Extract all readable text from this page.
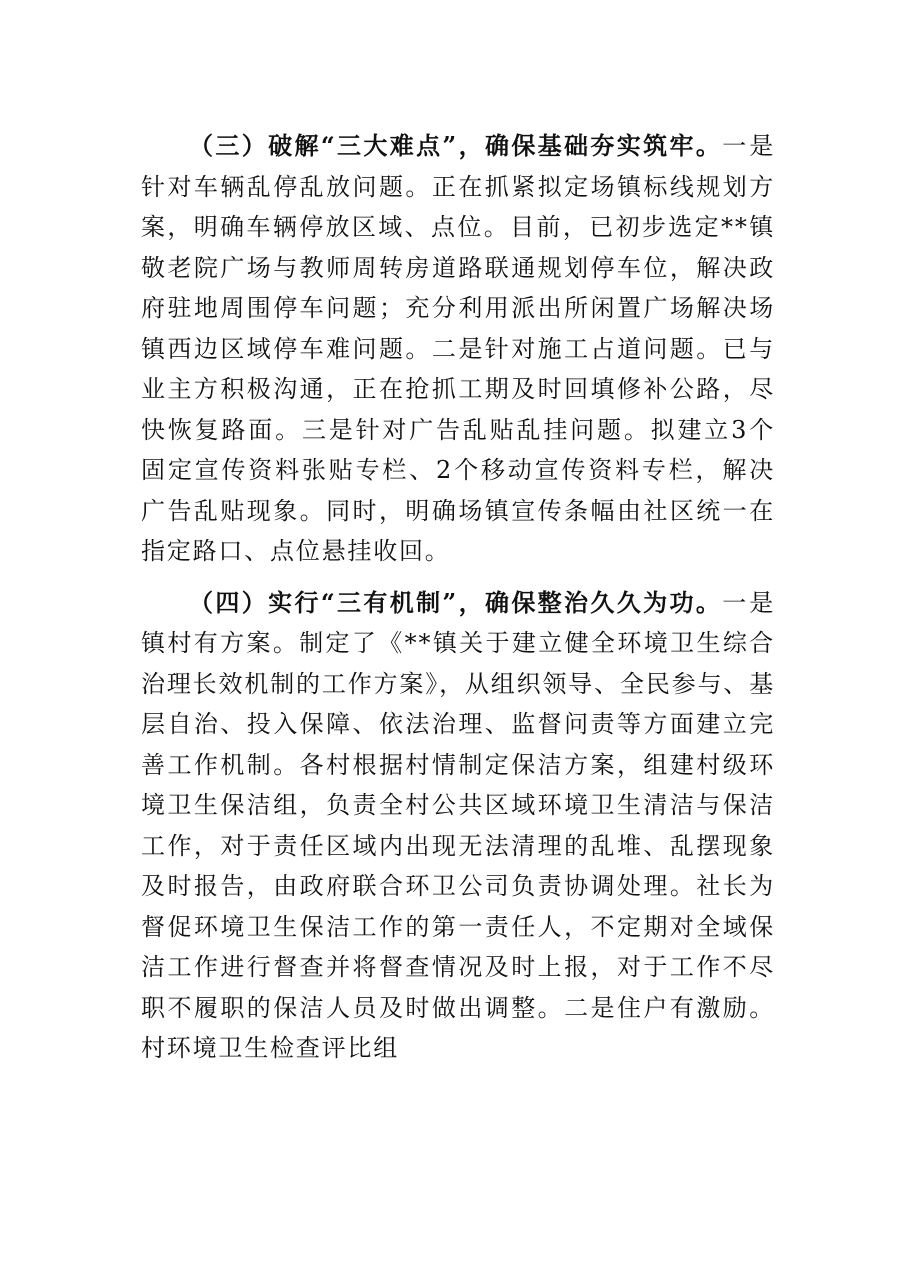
（三）破解“三大难点”，确保基础夯实筑牢。一是针对车辆乱停乱放问题。正在抓紧拟定场镇标线规划方案，明确车辆停放区域、点位。目前，已初步选定**镇敬老院广场与教师周转房道路联通规划停车位，解决政府驻地周围停车问题；充分利用派出所闲置广场解决场镇西边区域停车难问题。二是针对施工占道问题。已与业主方积极沟通，正在抢抓工期及时回填修补公路，尽快恢复路面。三是针对广告乱贴乱挂问题。拟建立3个固定宣传资料张贴专栏、2个移动宣传资料专栏，解决广告乱贴现象。同时，明确场镇宣传条幅由社区统一在指定路口、点位悬挂收回。

（四）实行“三有机制”，确保整治久久为功。一是镇村有方案。制定了《**镇关于建立健全环境卫生综合治理长效机制的工作方案》，从组织领导、全民参与、基层自治、投入保障、依法治理、监督问责等方面建立完善工作机制。各村根据村情制定保洁方案，组建村级环境卫生保洁组，负责全村公共区域环境卫生清洁与保洁工作，对于责任区域内出现无法清理的乱堆、乱摆现象及时报告，由政府联合环卫公司负责协调处理。社长为督促环境卫生保洁工作的第一责任人，不定期对全域保洁工作进行督查并将督查情况及时上报，对于工作不尽职不履职的保洁人员及时做出调整。二是住户有激励。村环境卫生检查评比组
